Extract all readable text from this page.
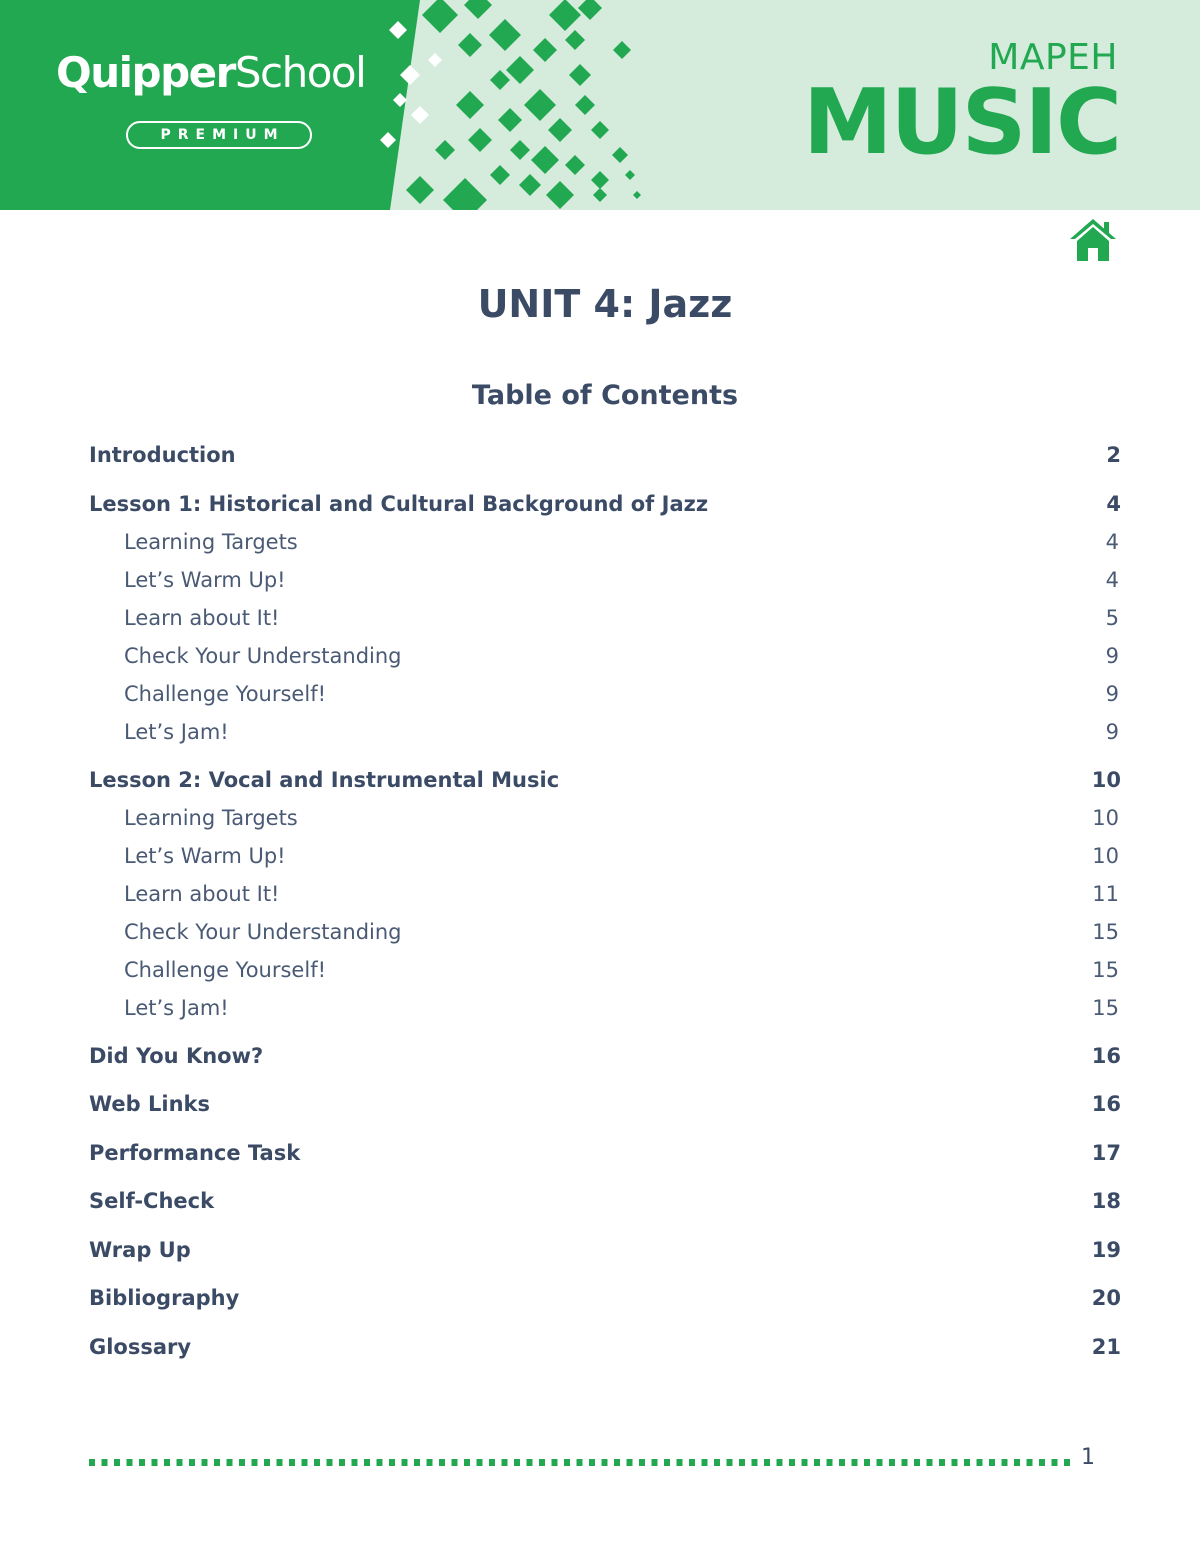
QuipperSchool
PREMIUM
MAPEH
MUSIC
UNIT 4: Jazz
Table of Contents
Introduction	2
Lesson 1: Historical and Cultural Background of Jazz	4
Learning Targets	4
Let’s Warm Up!	4
Learn about It!	5
Check Your Understanding	9
Challenge Yourself!	9
Let’s Jam!	9
Lesson 2: Vocal and Instrumental Music	10
Learning Targets	10
Let’s Warm Up!	10
Learn about It!	11
Check Your Understanding	15
Challenge Yourself!	15
Let’s Jam!	15
Did You Know?	16
Web Links	16
Performance Task	17
Self-Check	18
Wrap Up	19
Bibliography	20
Glossary	21
1
